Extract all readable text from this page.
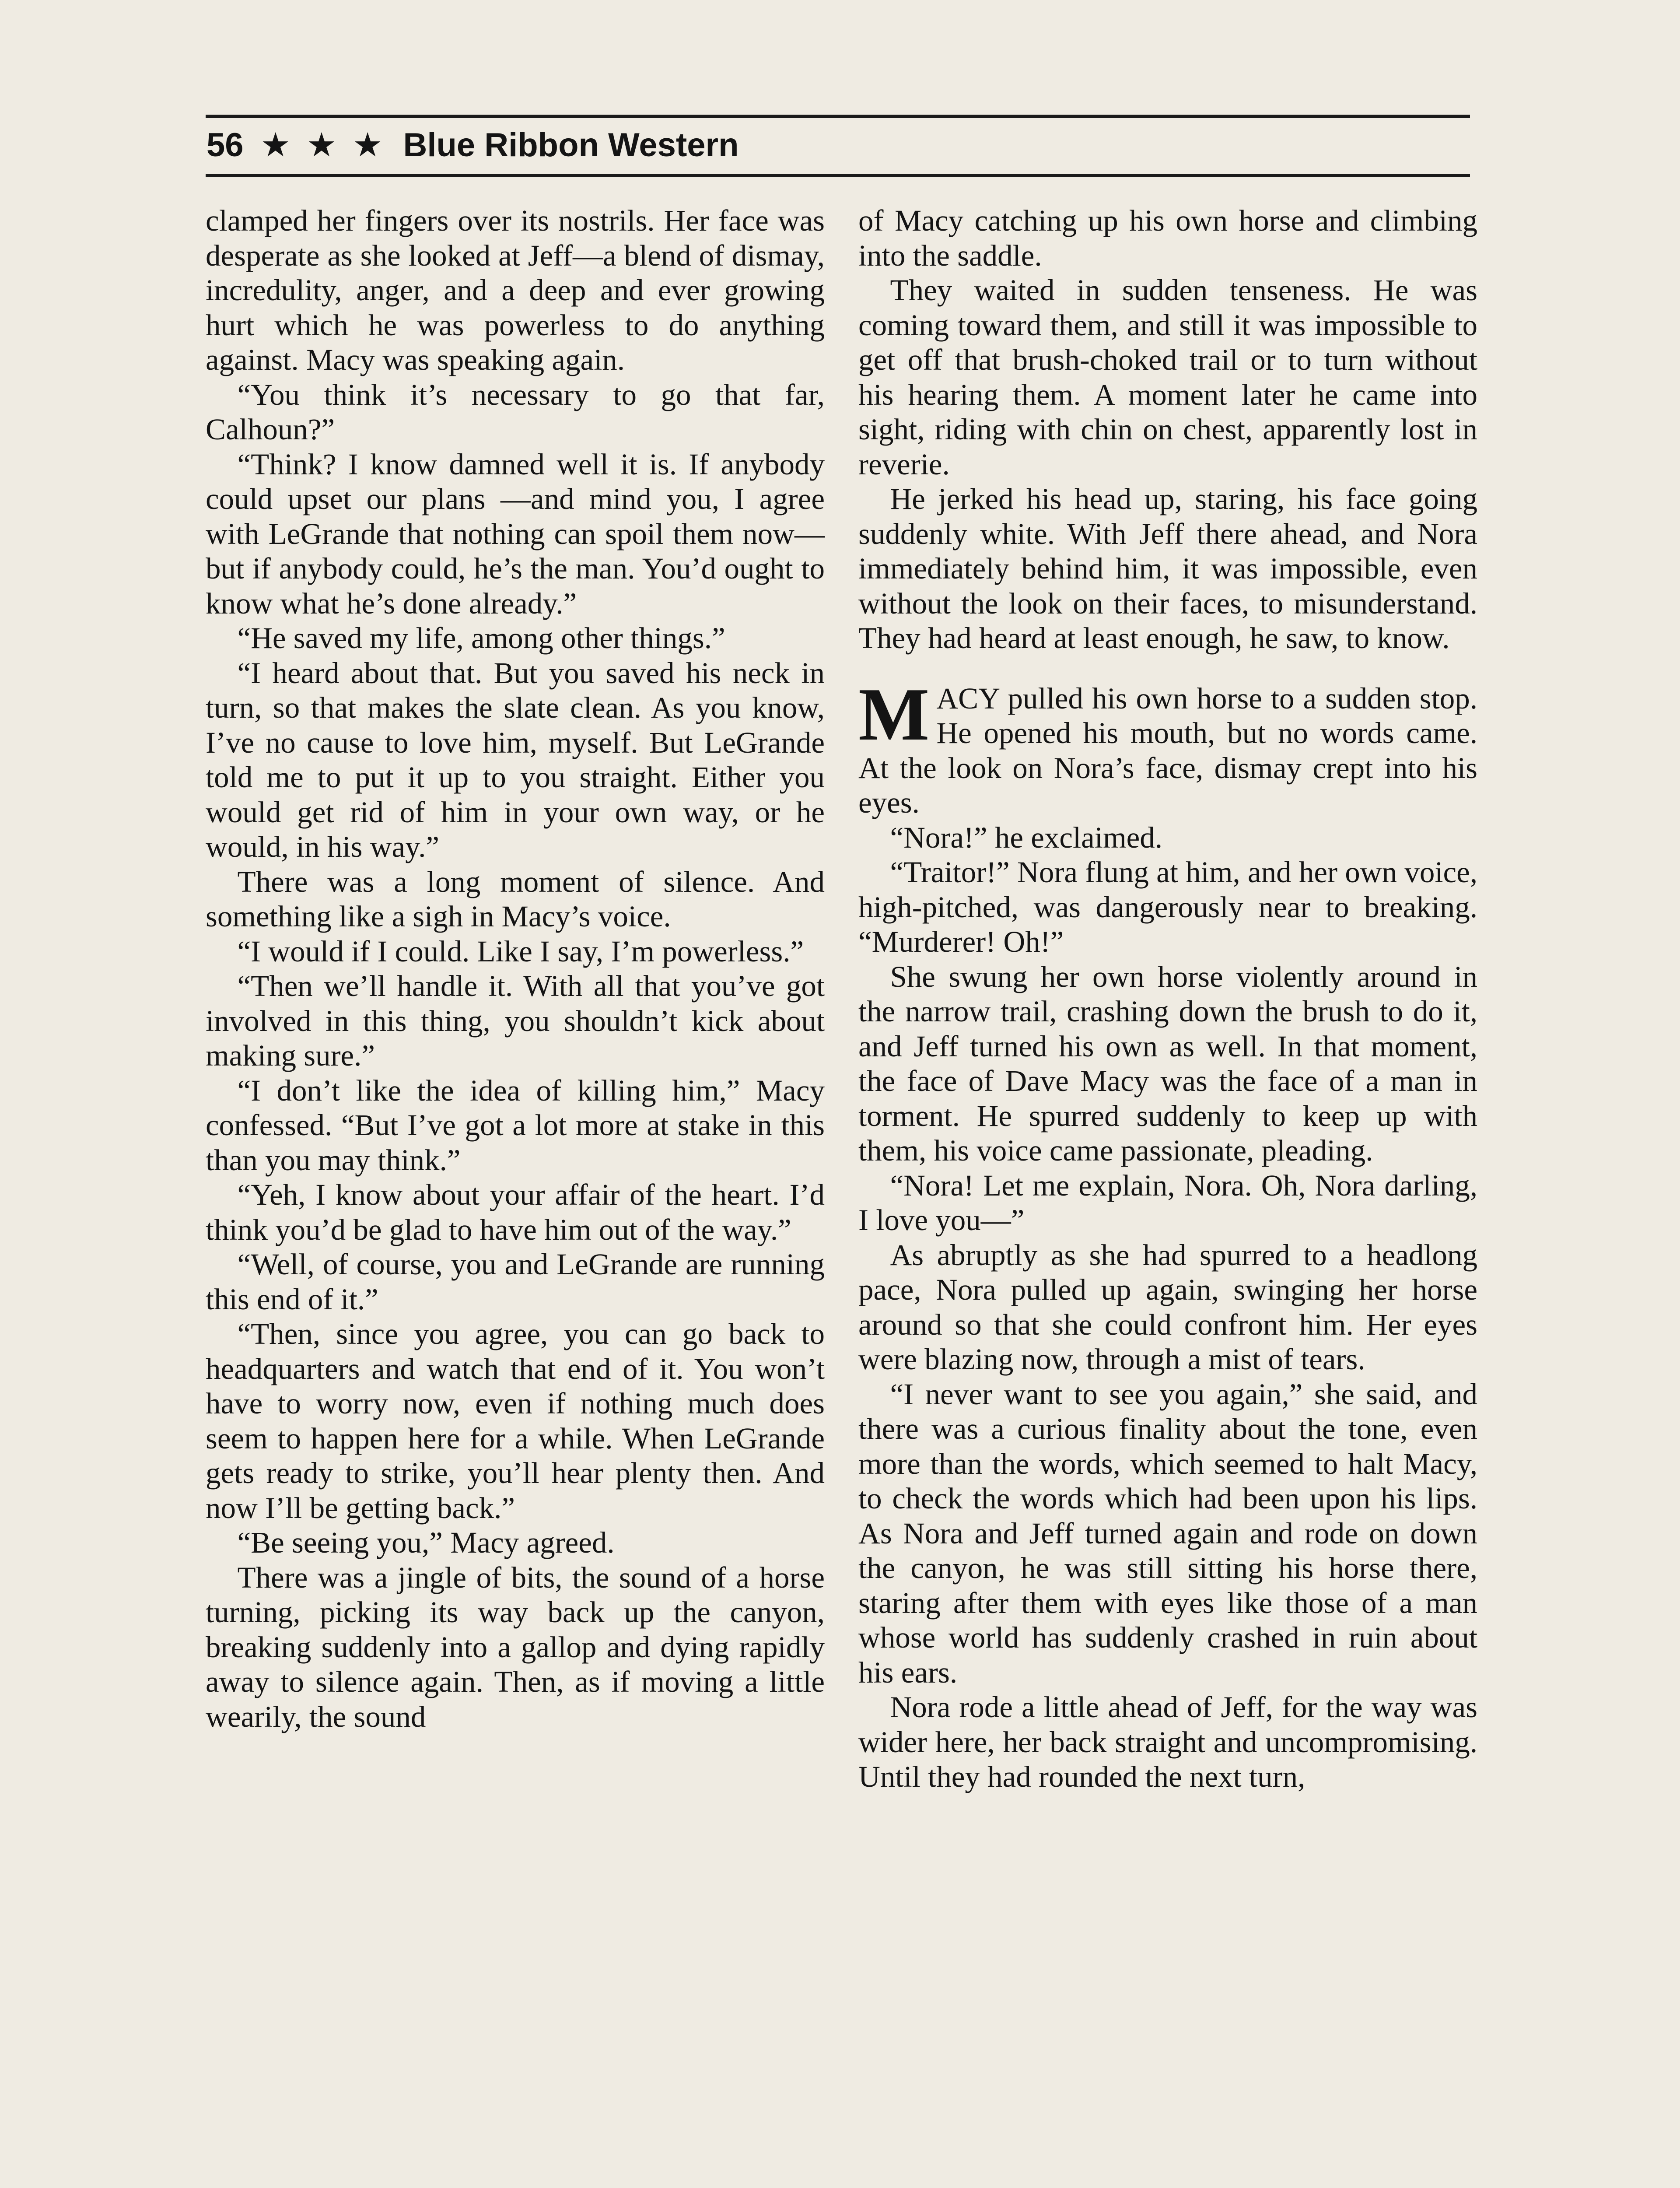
56 ★ ★ ★ Blue Ribbon Western

clamped her fingers over its nostrils. Her face was desperate as she looked at Jeff—a blend of dismay, incredulity, anger, and a deep and ever growing hurt which he was powerless to do anything against. Macy was speaking again.

“You think it’s necessary to go that far, Calhoun?”

“Think? I know damned well it is. If anybody could upset our plans —and mind you, I agree with LeGrande that nothing can spoil them now—but if anybody could, he’s the man. You’d ought to know what he’s done already.”

“He saved my life, among other things.”

“I heard about that. But you saved his neck in turn, so that makes the slate clean. As you know, I’ve no cause to love him, myself. But LeGrande told me to put it up to you straight. Either you would get rid of him in your own way, or he would, in his way.”

There was a long moment of silence. And something like a sigh in Macy’s voice.

“I would if I could. Like I say, I’m powerless.”

“Then we’ll handle it. With all that you’ve got involved in this thing, you shouldn’t kick about making sure.”

“I don’t like the idea of killing him,” Macy confessed. “But I’ve got a lot more at stake in this than you may think.”

“Yeh, I know about your affair of the heart. I’d think you’d be glad to have him out of the way.”

“Well, of course, you and LeGrande are running this end of it.”

“Then, since you agree, you can go back to headquarters and watch that end of it. You won’t have to worry now, even if nothing much does seem to happen here for a while. When LeGrande gets ready to strike, you’ll hear plenty then. And now I’ll be getting back.”

“Be seeing you,” Macy agreed.

There was a jingle of bits, the sound of a horse turning, picking its way back up the canyon, breaking suddenly into a gallop and dying rapidly away to silence again. Then, as if moving a little wearily, the sound

of Macy catching up his own horse and climbing into the saddle.

They waited in sudden tenseness. He was coming toward them, and still it was impossible to get off that brush-choked trail or to turn without his hearing them. A moment later he came into sight, riding with chin on chest, apparently lost in reverie.

He jerked his head up, staring, his face going suddenly white. With Jeff there ahead, and Nora immediately behind him, it was impossible, even without the look on their faces, to misunderstand. They had heard at least enough, he saw, to know.

MACY pulled his own horse to a sudden stop. He opened his mouth, but no words came. At the look on Nora’s face, dismay crept into his eyes.

“Nora!” he exclaimed.

“Traitor!” Nora flung at him, and her own voice, high-pitched, was dangerously near to breaking. “Murderer! Oh!”

She swung her own horse violently around in the narrow trail, crashing down the brush to do it, and Jeff turned his own as well. In that moment, the face of Dave Macy was the face of a man in torment. He spurred suddenly to keep up with them, his voice came passionate, pleading.

“Nora! Let me explain, Nora. Oh, Nora darling, I love you—”

As abruptly as she had spurred to a headlong pace, Nora pulled up again, swinging her horse around so that she could confront him. Her eyes were blazing now, through a mist of tears.

“I never want to see you again,” she said, and there was a curious finality about the tone, even more than the words, which seemed to halt Macy, to check the words which had been upon his lips. As Nora and Jeff turned again and rode on down the canyon, he was still sitting his horse there, staring after them with eyes like those of a man whose world has suddenly crashed in ruin about his ears.

Nora rode a little ahead of Jeff, for the way was wider here, her back straight and uncompromising. Until they had rounded the next turn,
